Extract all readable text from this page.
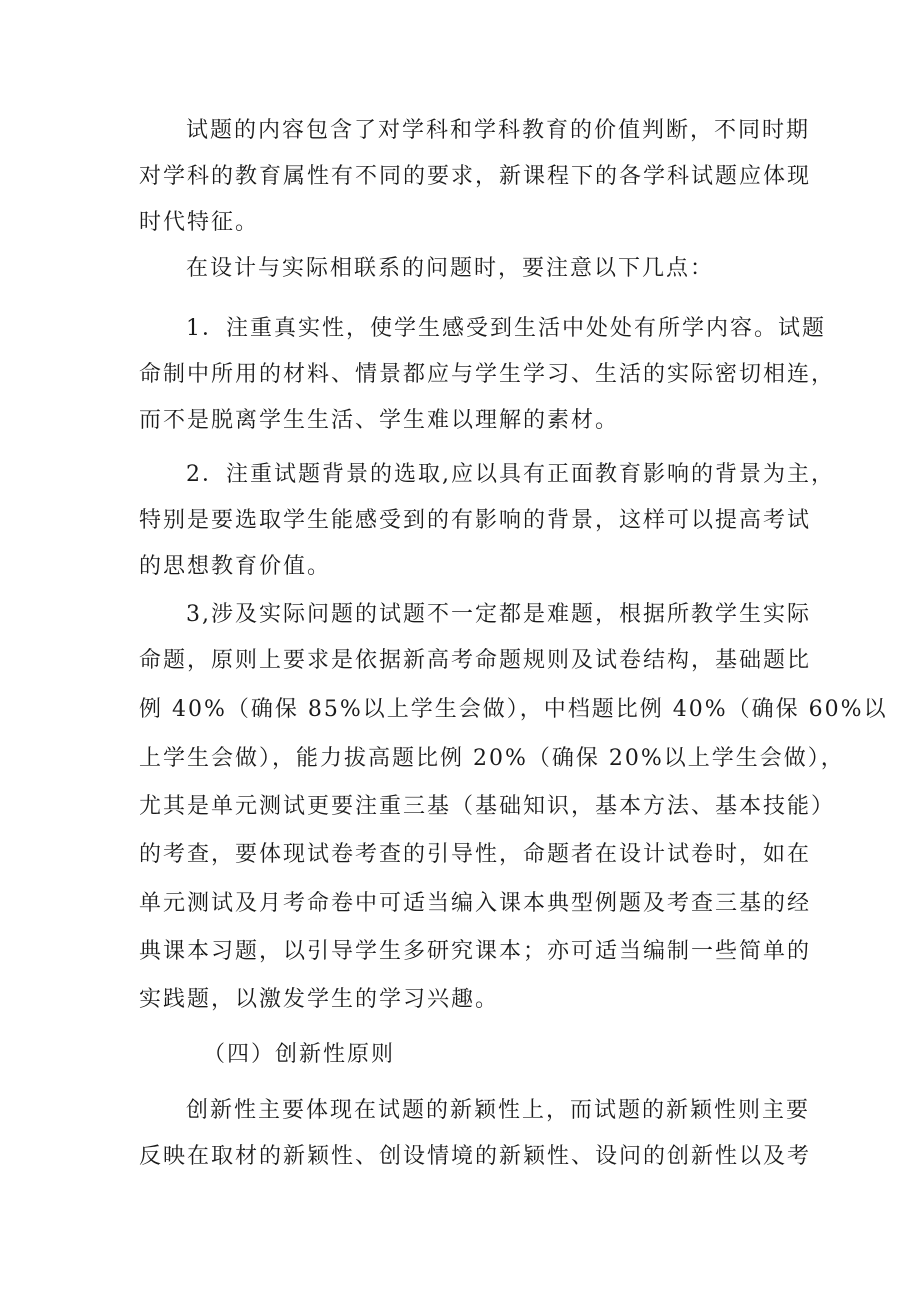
试题的内容包含了对学科和学科教育的价值判断，不同时期
对学科的教育属性有不同的要求，新课程下的各学科试题应体现
时代特征。
在设计与实际相联系的问题时，要注意以下几点：
1．注重真实性，使学生感受到生活中处处有所学内容。试题
命制中所用的材料、情景都应与学生学习、生活的实际密切相连，
而不是脱离学生生活、学生难以理解的素材。
2．注重试题背景的选取,应以具有正面教育影响的背景为主，
特别是要选取学生能感受到的有影响的背景，这样可以提高考试
的思想教育价值。
3,涉及实际问题的试题不一定都是难题，根据所教学生实际
命题，原则上要求是依据新高考命题规则及试卷结构，基础题比
例 40%（确保 85%以上学生会做），中档题比例 40%（确保 60%以
上学生会做），能力拔高题比例 20%（确保 20%以上学生会做），
尤其是单元测试更要注重三基（基础知识，基本方法、基本技能）
的考查，要体现试卷考查的引导性，命题者在设计试卷时，如在
单元测试及月考命卷中可适当编入课本典型例题及考查三基的经
典课本习题，以引导学生多研究课本；亦可适当编制一些简单的
实践题，以激发学生的学习兴趣。
（四）创新性原则
创新性主要体现在试题的新颖性上，而试题的新颖性则主要
反映在取材的新颖性、创设情境的新颖性、设问的创新性以及考
